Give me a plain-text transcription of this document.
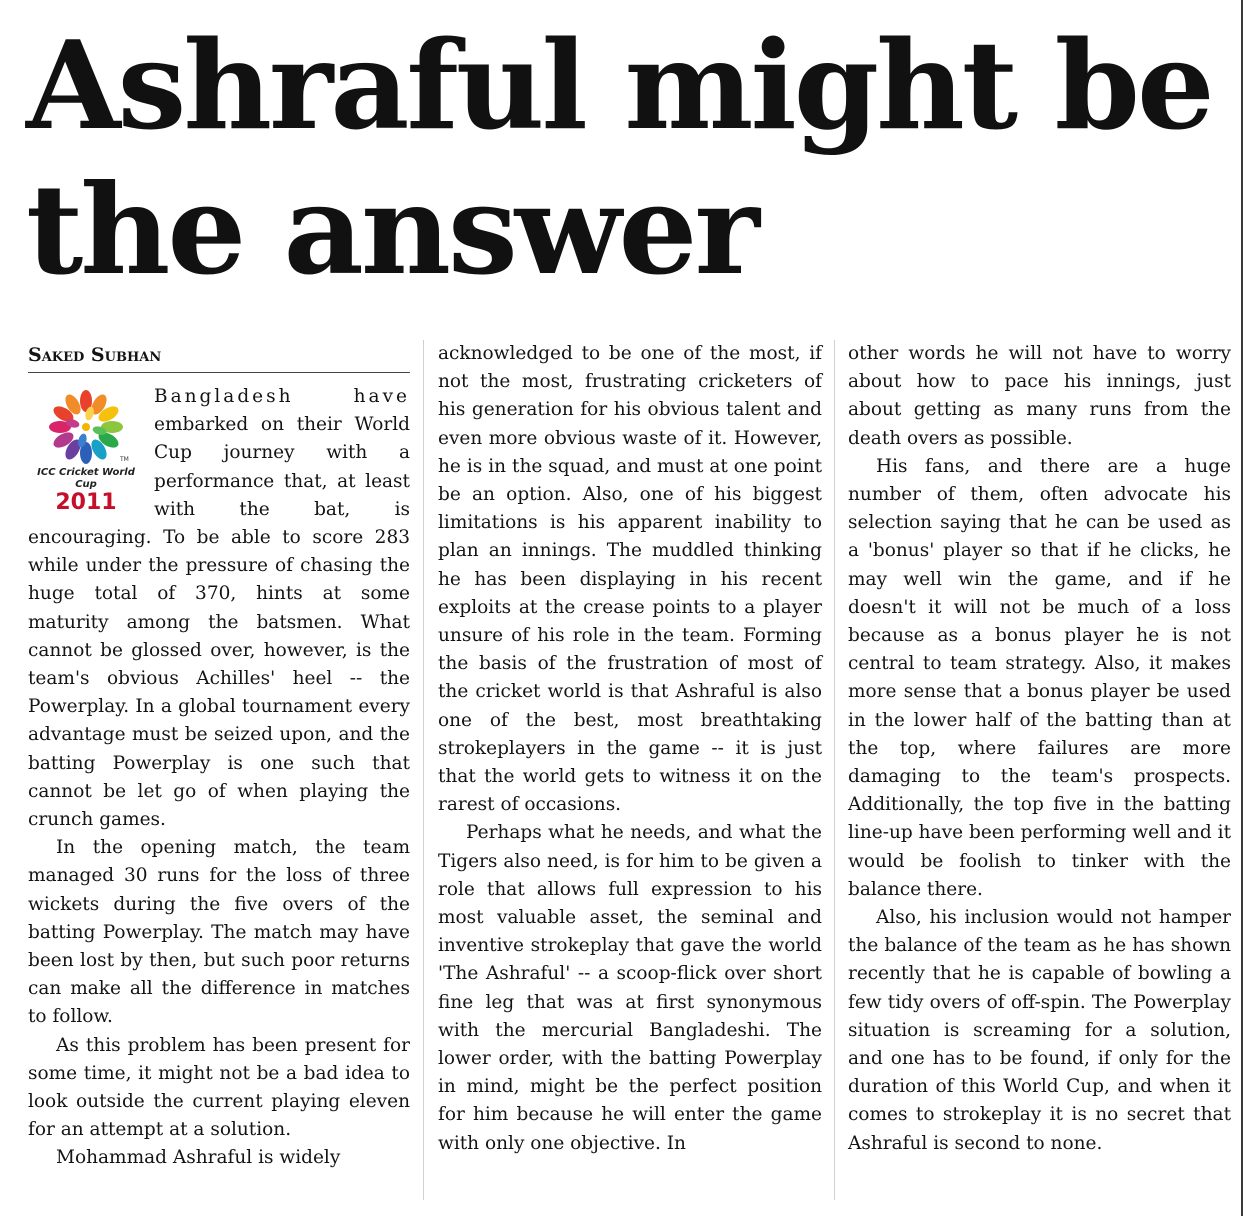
Ashraful might be
the answer
Saked Subhan
TM
ICC Cricket World Cup
2011

Bangladesh have embarked on their World Cup journey with a performance that, at least with the bat, is encouraging. To be able to score 283 while under the pressure of chasing the huge total of 370, hints at some maturity among the batsmen. What cannot be glossed over, however, is the team's obvious Achilles' heel -- the Powerplay. In a global tournament every advantage must be seized upon, and the batting Powerplay is one such that cannot be let go of when playing the crunch games.

In the opening match, the team managed 30 runs for the loss of three wickets during the five overs of the batting Powerplay. The match may have been lost by then, but such poor returns can make all the difference in matches to follow.

As this problem has been present for some time, it might not be a bad idea to look outside the current playing eleven for an attempt at a solution.

Mohammad Ashraful is widely

acknowledged to be one of the most, if not the most, frustrating cricketers of his generation for his obvious talent and even more obvious waste of it. However, he is in the squad, and must at one point be an option. Also, one of his biggest limitations is his apparent inability to plan an innings. The muddled thinking he has been displaying in his recent exploits at the crease points to a player unsure of his role in the team. Forming the basis of the frustration of most of the cricket world is that Ashraful is also one of the best, most breathtaking strokeplayers in the game -- it is just that the world gets to witness it on the rarest of occasions.

Perhaps what he needs, and what the Tigers also need, is for him to be given a role that allows full expression to his most valuable asset, the seminal and inventive strokeplay that gave the world 'The Ashraful' -- a scoop-flick over short fine leg that was at first synonymous with the mercurial Bangladeshi. The lower order, with the batting Powerplay in mind, might be the perfect position for him because he will enter the game with only one objective. In

other words he will not have to worry about how to pace his innings, just about getting as many runs from the death overs as possible.

His fans, and there are a huge number of them, often advocate his selection saying that he can be used as a 'bonus' player so that if he clicks, he may well win the game, and if he doesn't it will not be much of a loss because as a bonus player he is not central to team strategy. Also, it makes more sense that a bonus player be used in the lower half of the batting than at the top, where failures are more damaging to the team's prospects. Additionally, the top five in the batting line-up have been performing well and it would be foolish to tinker with the balance there.

Also, his inclusion would not hamper the balance of the team as he has shown recently that he is capable of bowling a few tidy overs of off-spin. The Powerplay situation is screaming for a solution, and one has to be found, if only for the duration of this World Cup, and when it comes to strokeplay it is no secret that Ashraful is second to none.
